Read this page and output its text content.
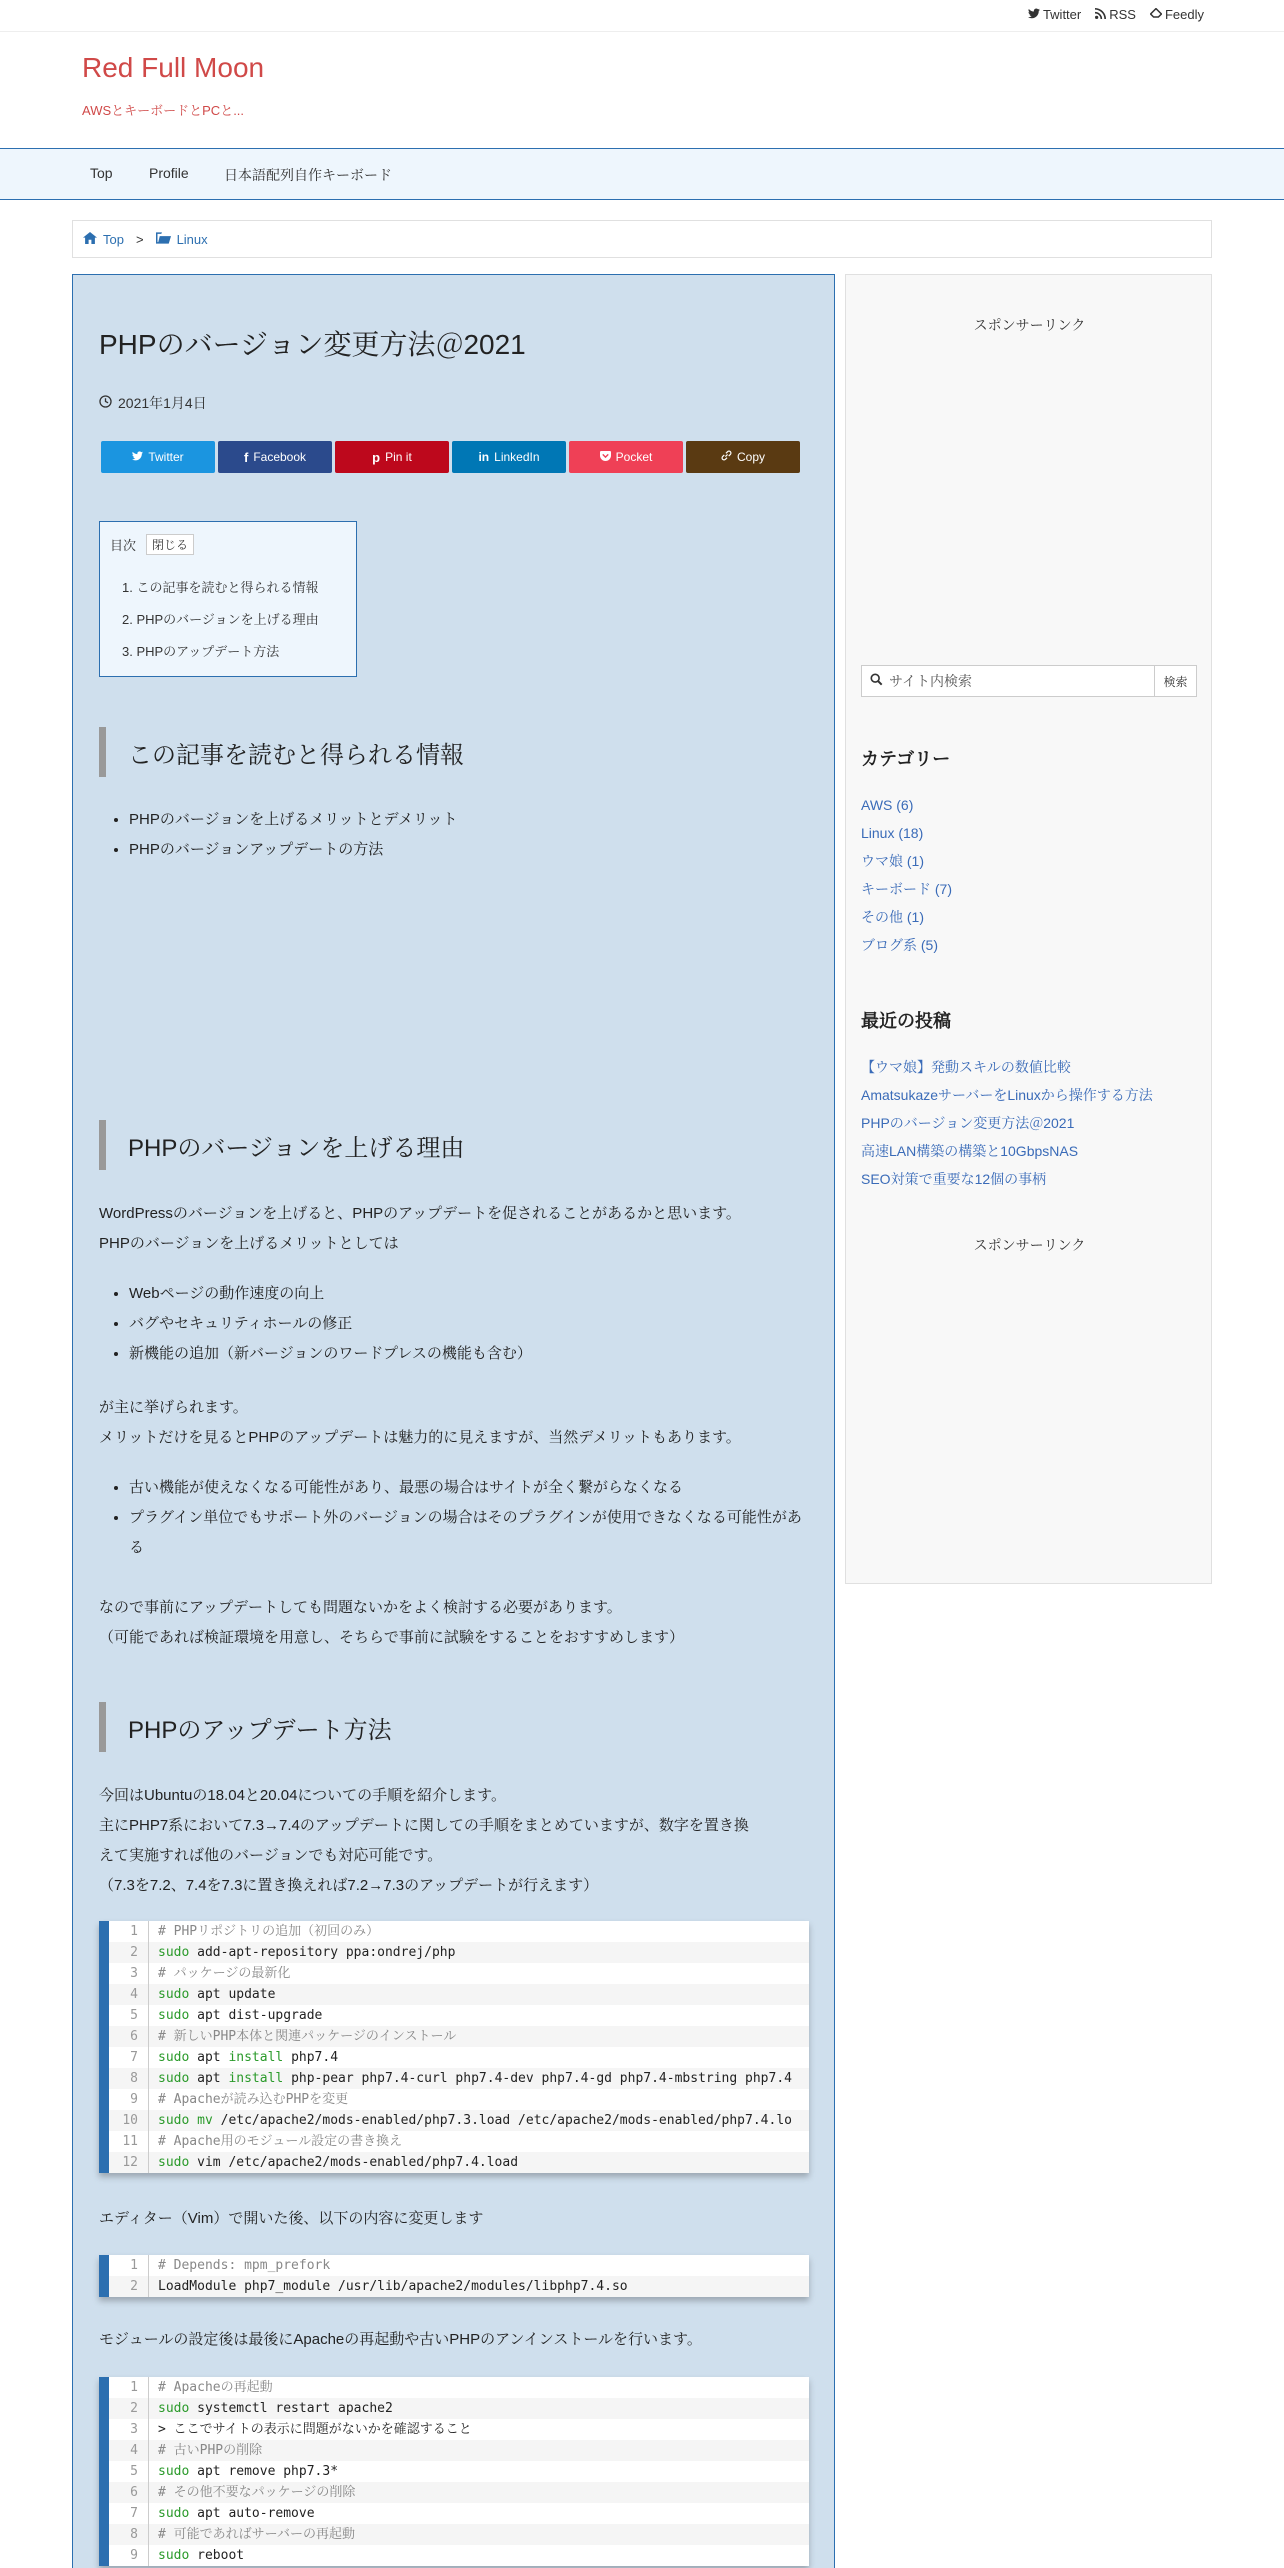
Twitter RSS Feedly
Red Full Moon
AWSとキーボードとPCと...
Top	Profile	日本語配列自作キーボード
Top >	Linux
PHPのバージョン変更方法＠2021
2021年1月4日
Twitter	f Facebook	p Pin it	in LinkedIn	Pocket	Copy
目次	閉じる
1. この記事を読むと得られる情報
2. PHPのバージョンを上げる理由
3. PHPのアップデート方法
この記事を読むと得られる情報
• PHPのバージョンを上げるメリットとデメリット
• PHPのバージョンアップデートの方法
PHPのバージョンを上げる理由
WordPressのバージョンを上げると、PHPのアップデートを促されることがあるかと思います。
PHPのバージョンを上げるメリットとしては
• Webページの動作速度の向上
• バグやセキュリティホールの修正
• 新機能の追加（新バージョンのワードプレスの機能も含む）
が主に挙げられます。
メリットだけを見るとPHPのアップデートは魅力的に見えますが、当然デメリットもあります。
• 古い機能が使えなくなる可能性があり、最悪の場合はサイトが全く繋がらなくなる
• プラグイン単位でもサポート外のバージョンの場合はそのプラグインが使用できなくなる可能性がある
なので事前にアップデートしても問題ないかをよく検討する必要があります。
（可能であれば検証環境を用意し、そちらで事前に試験をすることをおすすめします）
PHPのアップデート方法
今回はUbuntuの18.04と20.04についての手順を紹介します。
主にPHP7系において7.3→7.4のアップデートに関しての手順をまとめていますが、数字を置き換
えて実施すれば他のバージョンでも対応可能です。
（7.3を7.2、7.4を7.3に置き換えれば7.2→7.3のアップデートが行えます）
1	# PHPリポジトリの追加（初回のみ）
2	sudo add-apt-repository ppa:ondrej/php
3	# パッケージの最新化
4	sudo apt update
5	sudo apt dist-upgrade
6	# 新しいPHP本体と関連パッケージのインストール
7	sudo apt install php7.4
8	sudo apt install php-pear php7.4-curl php7.4-dev php7.4-gd php7.4-mbstring php7.4
9	# Apacheが読み込むPHPを変更
10	sudo mv /etc/apache2/mods-enabled/php7.3.load /etc/apache2/mods-enabled/php7.4.lo
11	# Apache用のモジュール設定の書き換え
12	sudo vim /etc/apache2/mods-enabled/php7.4.load
エディター（Vim）で開いた後、以下の内容に変更します
1	# Depends: mpm_prefork
2	LoadModule php7_module /usr/lib/apache2/modules/libphp7.4.so
モジュールの設定後は最後にApacheの再起動や古いPHPのアンインストールを行います。
1	# Apacheの再起動
2	sudo systemctl restart apache2
3	> ここでサイトの表示に問題がないかを確認すること
4	# 古いPHPの削除
5	sudo apt remove php7.3*
6	# その他不要なパッケージの削除
7	sudo apt auto-remove
8	# 可能であればサーバーの再起動
9	sudo reboot
スポンサーリンク
サイト内検索	検索
カテゴリー
AWS (6)
Linux (18)
ウマ娘 (1)
キーボード (7)
その他 (1)
ブログ系 (5)
最近の投稿
【ウマ娘】発動スキルの数値比較
AmatsukazeサーバーをLinuxから操作する方法
PHPのバージョン変更方法＠2021
高速LAN構築の構築と10GbpsNAS
SEO対策で重要な12個の事柄
スポンサーリンク
